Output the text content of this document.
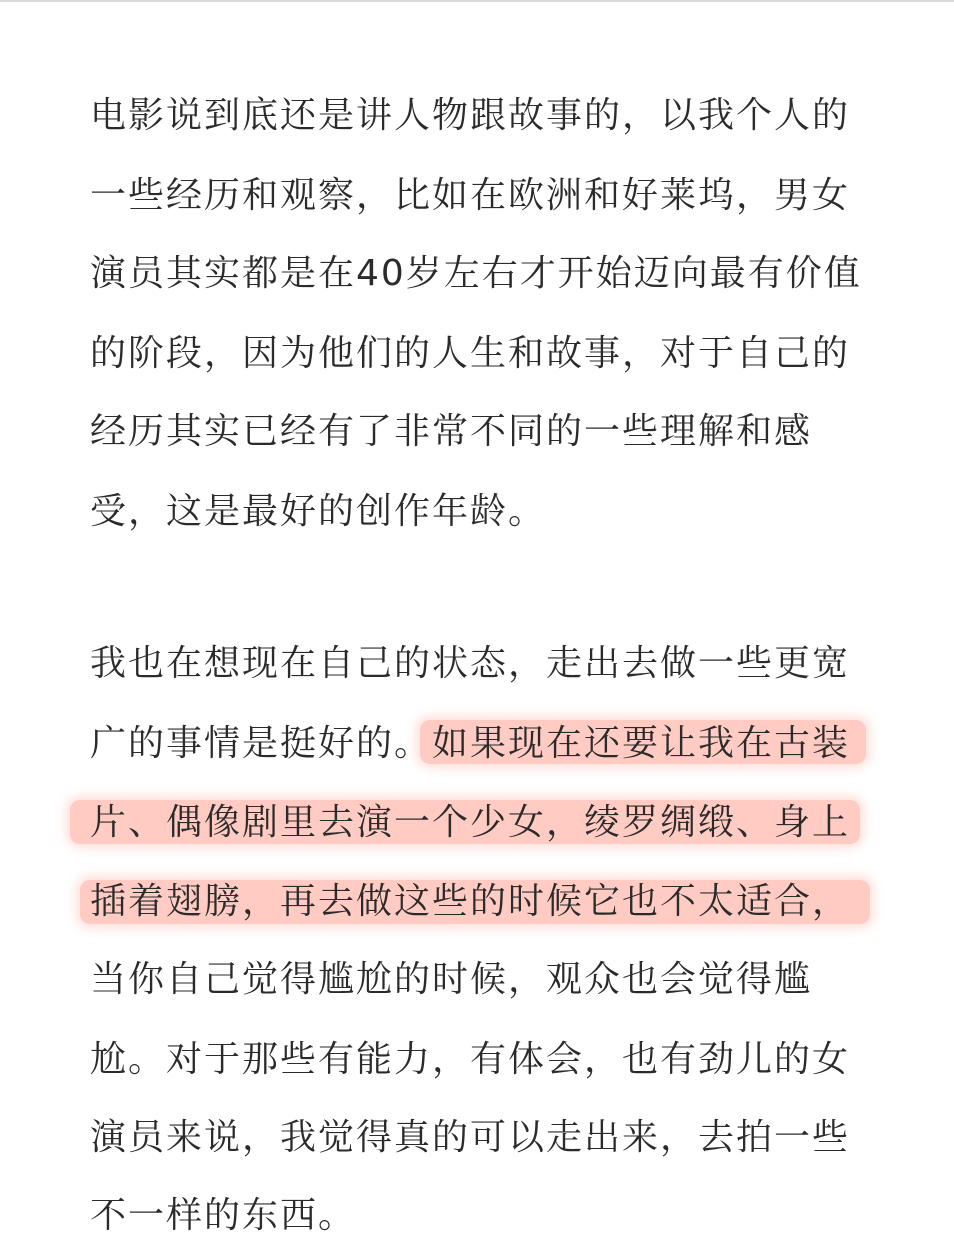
电影说到底还是讲人物跟故事的，以我个人的
一些经历和观察，比如在欧洲和好莱坞，男女
演员其实都是在40岁左右才开始迈向最有价值
的阶段，因为他们的人生和故事，对于自己的
经历其实已经有了非常不同的一些理解和感
受，这是最好的创作年龄。
我也在想现在自己的状态，走出去做一些更宽
广的事情是挺好的。如果现在还要让我在古装
片、偶像剧里去演一个少女，绫罗绸缎、身上
插着翅膀，再去做这些的时候它也不太适合，
当你自己觉得尴尬的时候，观众也会觉得尴
尬。对于那些有能力，有体会，也有劲儿的女
演员来说，我觉得真的可以走出来，去拍一些
不一样的东西。
